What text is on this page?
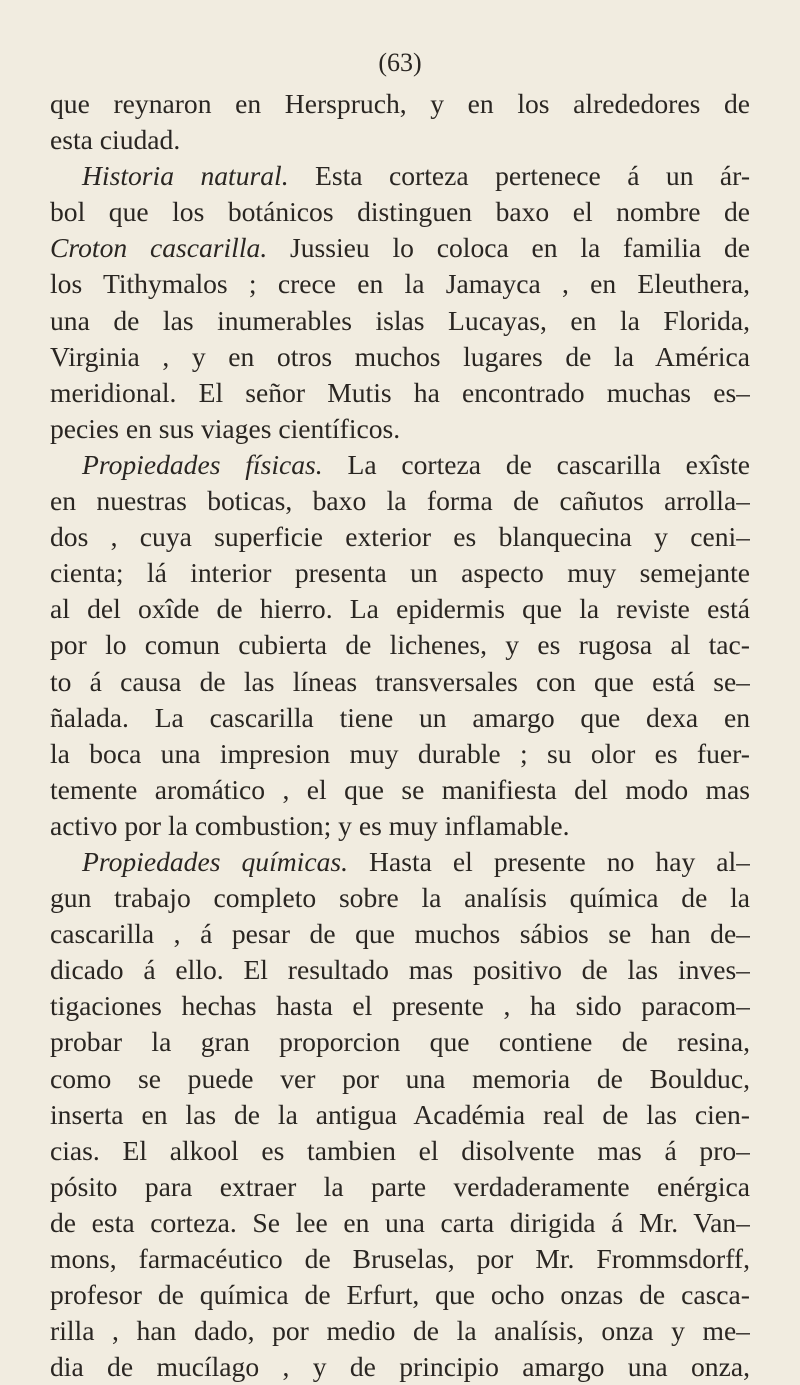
(63)
que reynaron en Herspruch, y en los alrededores de
esta ciudad.
Historia natural. Esta corteza pertenece á un ár-
bol que los botánicos distinguen baxo el nombre de
Croton cascarilla. Jussieu lo coloca en la familia de
los Tithymalos ; crece en la Jamayca , en Eleuthera,
una de las inumerables islas Lucayas, en la Florida,
Virginia , y en otros muchos lugares de la América
meridional. El señor Mutis ha encontrado muchas es–
pecies en sus viages científicos.
Propiedades físicas. La corteza de cascarilla exîste
en nuestras boticas, baxo la forma de cañutos arrolla–
dos , cuya superficie exterior es blanquecina y ceni–
cienta; lá interior presenta un aspecto muy semejante
al del oxîde de hierro. La epidermis que la reviste está
por lo comun cubierta de lichenes, y es rugosa al tac-
to á causa de las líneas transversales con que está se–
ñalada. La cascarilla tiene un amargo que dexa en
la boca una impresion muy durable ; su olor es fuer-
temente aromático , el que se manifiesta del modo mas
activo por la combustion; y es muy inflamable.
Propiedades químicas. Hasta el presente no hay al–
gun trabajo completo sobre la analísis química de la
cascarilla , á pesar de que muchos sábios se han de–
dicado á ello. El resultado mas positivo de las inves–
tigaciones hechas hasta el presente , ha sido paracom–
probar la gran proporcion que contiene de resina,
como se puede ver por una memoria de Boulduc,
inserta en las de la antigua Académia real de las cien-
cias. El alkool es tambien el disolvente mas á pro–
pósito para extraer la parte verdaderamente enérgica
de esta corteza. Se lee en una carta dirigida á Mr. Van–
mons, farmacéutico de Bruselas, por Mr. Frommsdorff,
profesor de química de Erfurt, que ocho onzas de casca-
rilla , han dado, por medio de la analísis, onza y me–
dia de mucílago , y de principio amargo una onza,
